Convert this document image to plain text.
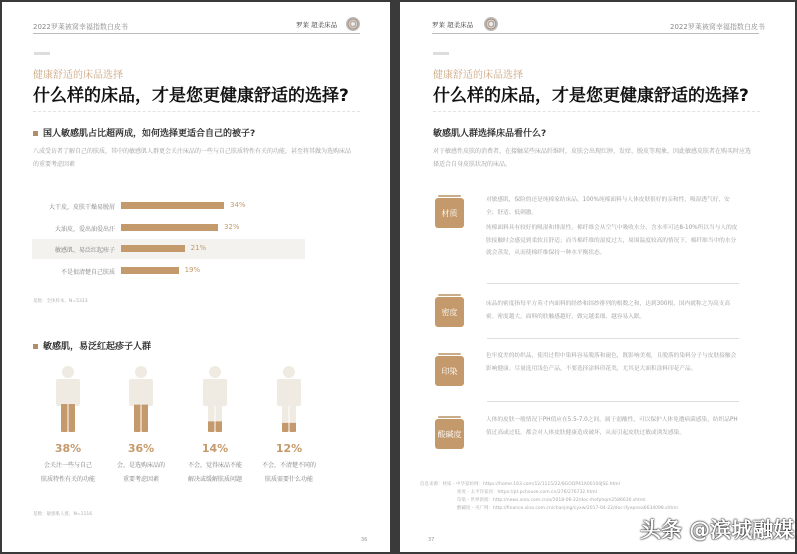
2022罗莱被窝幸福指数白皮书	罗莱 超柔床品
健康舒适的床品选择
什么样的床品，才是您更健康舒适的选择?
国人敏感肌占比超两成，如何选择更适合自己的被子?
八成受访者了解自己的肤质，其中的敏感肌人群更会关注床品的一些与自己肤质特性有关的功能，甚至将其做为选购床品的重要考虑因素
基数：全体样本，N=5313
敏感肌，易泛红起疹子人群
基数：敏感肌人群，N=1116
36
大干皮，皮肤干燥易脱屑	34%
大油皮，爱出油爱出汗	32%
敏感肌，易泛红起疹子	21%
不是很清楚自己肤质	19%
38%
会关注一些与自己
肤质特性有关的功能
36%
会，是选购床品的
重要考虑因素
14%
不会，觉得床品不能
解决或缓解肤质问题
12%
不会，不清楚不同的
肤质需要什么功能
罗莱 超柔床品	2022罗莱被窝幸福指数白皮书
健康舒适的床品选择
什么样的床品，才是您更健康舒适的选择?
敏感肌人群选择床品看什么?
对于敏感性皮肤的消费者，在接触某些床品纤维时，皮肤会出现红肿、发痒、脱皮等现象，因此敏感皮肤者在购买时应选择适合自身皮肤状况的床品。
材质
对敏感肌，保险的还是纯棉家纺床品。100%纯棉面料与人体皮肤很好的亲和性，吸湿透气好，安全、舒适、低刺激。
纯棉面料具有较好的吸湿和排湿性。棉纤维会从空气中吸收水分，含水率可达8-10%所以当与人的皮肤接触时会感觉到柔软且舒适；而当棉纤维的湿度过大，周围温度较高的情况下，棉纤维当中的水分就会蒸发，从而使棉纤维保持一种水平衡状态。
密度
床品的密度指每平方英寸内面料的经纱和纬纱排列的根数之和，达到300根，国内就称之为高支高密。密度越大，面料的肤触感越好，做完越柔细、越容易入眠。
印染
色牢度差的纺织品，使用过程中染料容易脱落和褪色，既影响美观，且脱落的染料分子与皮肤接触会影响健康。尽量选用浅色产品，不要选择涂料印花类，尤其是大面积涂料印花产品。
酸碱度
人体的皮肤一般情况下PH值应在5.5-7.0之间，属于弱酸性，可以保护人体免遭病菌感染，纺织品PH值过高或过低，都会对人体皮肤健康造成破坏，从而引起皮肤过敏或诱发感染。
信息来源：材质 - 中华家纺网：https://home.163.com/12/1115/22/8GOQP41A00104JSE.html
密度 - 太平洋家居：https://pt.pchouse.com.cn/276/276732.html
印染 - 世界新闻：http://news.sina.com.cn/o/2018-06-22/doc-ihefphqm2586630.shtml
酸碱度 - 央广网：http://finance.sina.com.cn/chanjing/cyxw/2017-04-22/doc-ifyepnea6634098.shtml
37	头条 @滨城融媒
